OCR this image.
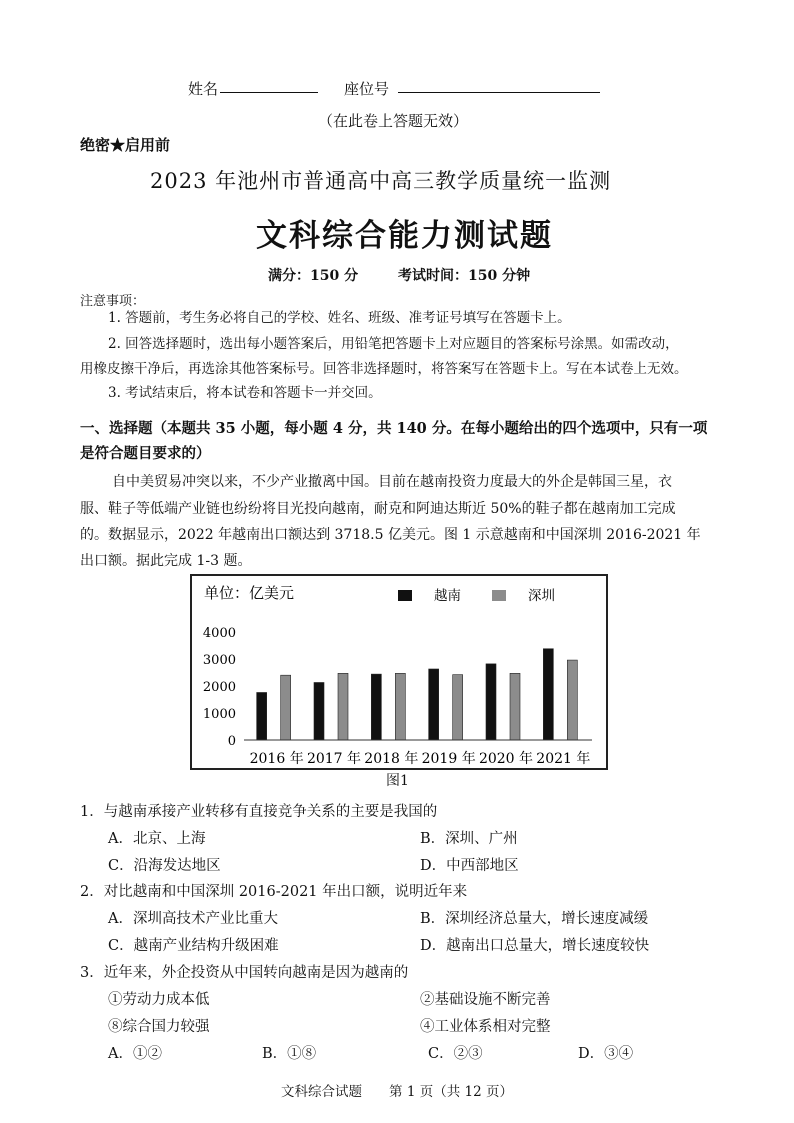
姓名	座位号
（在此卷上答题无效）
绝密★启用前
2023 年池州市普通高中高三教学质量统一监测
文科综合能力测试题
满分：150 分	考试时间：150 分钟
注意事项：
1. 答题前，考生务必将自己的学校、姓名、班级、准考证号填写在答题卡上。
2. 回答选择题时，选出每小题答案后，用铅笔把答题卡上对应题目的答案标号涂黑。如需改动，
用橡皮擦干净后，再选涂其他答案标号。回答非选择题时，将答案写在答题卡上。写在本试卷上无效。
3. 考试结束后，将本试卷和答题卡一并交回。
一、选择题（本题共 35 小题，每小题 4 分，共 140 分。在每小题给出的四个选项中，只有一项
是符合题目要求的）
自中美贸易冲突以来，不少产业撤离中国。目前在越南投资力度最大的外企是韩国三星，衣
服、鞋子等低端产业链也纷纷将目光投向越南，耐克和阿迪达斯近 50%的鞋子都在越南加工完成
的。数据显示，2022 年越南出口额达到 3718.5 亿美元。图 1 示意越南和中国深圳 2016-2021 年
出口额。据此完成 1-3 题。
单位：亿美元	越南	深圳
0
1000
2000
3000
4000
2016 年 2017 年 2018 年 2019 年 2020 年 2021 年
图1
1．与越南承接产业转移有直接竞争关系的主要是我国的
A．北京、上海	B．深圳、广州
C．沿海发达地区	D．中西部地区
2．对比越南和中国深圳 2016-2021 年出口额，说明近年来
A．深圳高技术产业比重大	B．深圳经济总量大，增长速度减缓
C．越南产业结构升级困难	D．越南出口总量大，增长速度较快
3．近年来，外企投资从中国转向越南是因为越南的
①劳动力成本低	②基础设施不断完善
⑧综合国力较强	④工业体系相对完整
A．①②	B．①⑧	C．②③	D．③④
文科综合试题　　第 1 页（共 12 页）
